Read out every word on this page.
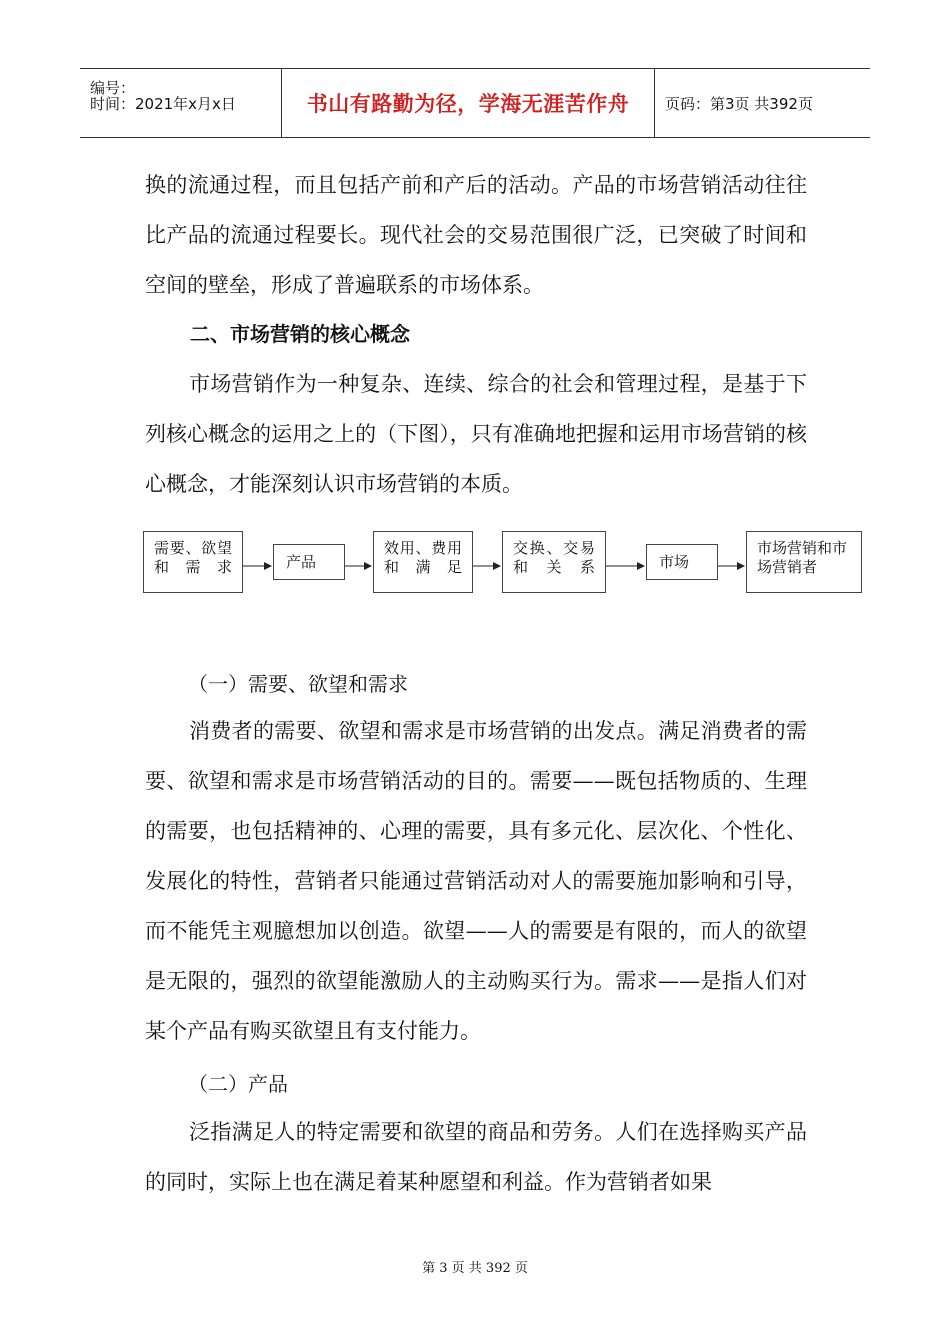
编号：
时间：2021年x月x日	书山有路勤为径，学海无涯苦作舟 页码：第3页 共392页
换的流通过程，而且包括产前和产后的活动。产品的市场营销活动往往比产品的流通过程要长。现代社会的交易范围很广泛，已突破了时间和空间的壁垒，形成了普遍联系的市场体系。
二、市场营销的核心概念
市场营销作为一种复杂、连续、综合的社会和管理过程，是基于下列核心概念的运用之上的（下图），只有准确地把握和运用市场营销的核心概念，才能深刻认识市场营销的本质。
需要、欲望和需求	产品
效用、费用和满足
交换、交易和关系	市场
市场营销和市场营销者
（一）需要、欲望和需求
消费者的需要、欲望和需求是市场营销的出发点。满足消费者的需要、欲望和需求是市场营销活动的目的。需要——既包括物质的、生理的需要，也包括精神的、心理的需要，具有多元化、层次化、个性化、发展化的特性，营销者只能通过营销活动对人的需要施加影响和引导，而不能凭主观臆想加以创造。欲望——人的需要是有限的，而人的欲望是无限的，强烈的欲望能激励人的主动购买行为。需求——是指人们对某个产品有购买欲望且有支付能力。
（二）产品
泛指满足人的特定需要和欲望的商品和劳务。人们在选择购买产品的同时，实际上也在满足着某种愿望和利益。作为营销者如果
第 3 页 共 392 页
